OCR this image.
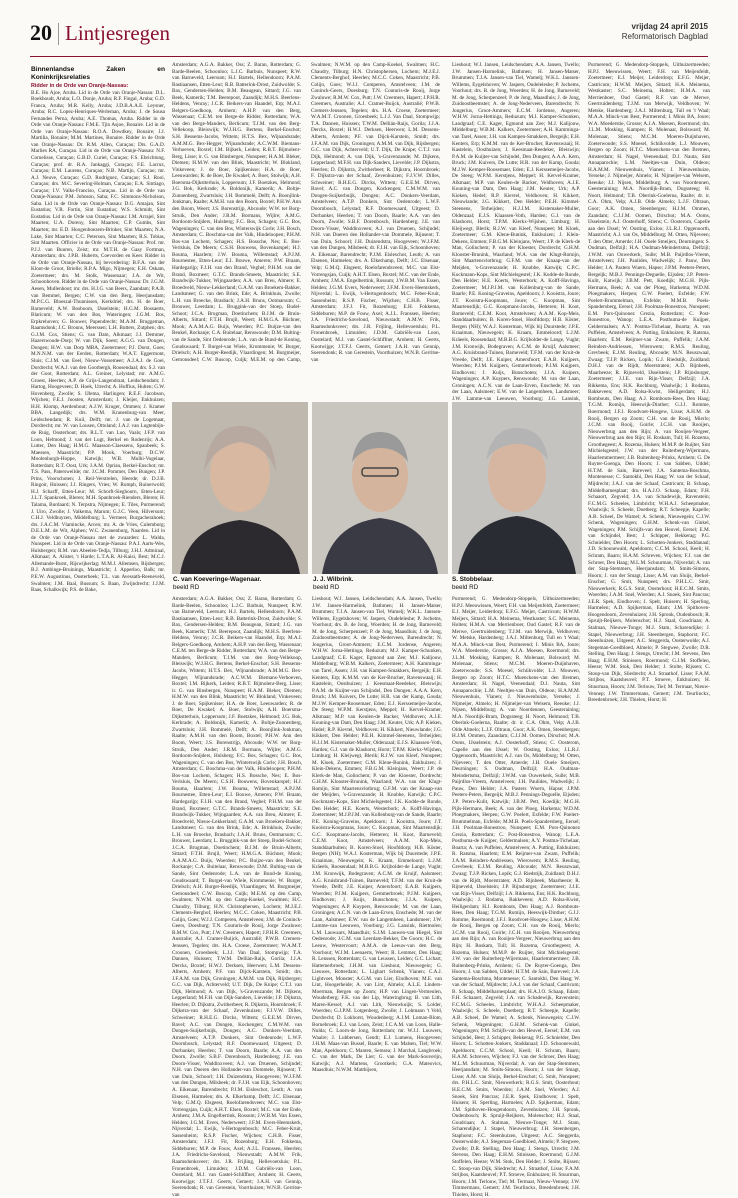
20 Lintjesregen	vrijdag 24 april 2015
Reformatorisch Dagblad
Binnenlandse Zaken en Koninkrijksrelaties
Ridder in de Orde van Oranje-Nassau:

B.E. Ho Ajoe, Aruba. Lid in de Orde van Oranje-Nassau: D.L. Boekhoudt, Aruba; L.O. Donje, Aruba; R.F. Fingal, Aruba; G.D. Franca, Aruba; M.R. Kelly, Aruba; J.D.B.A.A.E. Leysner, Aruba; R.C. Lopez-Henriques-Werleman, Aruba; J. de Sousa Fernandes Perna, Aruba; A.E. Thomas, Aruba. Ridder in de Orde van Oranje-Nassau: F.M.E. Tjin Asjoe, Bonaire. Lid in de Orde van Oranje-Nassau: R.O.A. Dowdkey, Bonaire; J.J. Martilia, Bonaire; M.M. Martines, Bonaire. Ridder in de Orde van Oranje-Nassau: Dr. R.M. Allen, Curaçao; Drs. G.A.D. Marlies RA, Curaçao. Lid in de Orde van Oranje-Nassau: N.F. Cornelisse, Curaçao; G.B.D. Curiel, Curaçao; F.S. Ebrichtung, Curaçao; prof. dr. R.A. Jankaggi, Curaçao; F.E. Lacruz, Curaçao; E.M. Laurens, Curaçao; N.B. Martijn, Curaçao; mr. A.J. Neuve, Curaçao; G.D. Rodriguez, Curaçao; S.J. Rooi, Curaçao; drs. M.C. Severing-Holman, Curaçao; E.A. Sintiago, Curaçao; I.V. Valks-Franciso, Curaçao. Lid in de Orde van Oranje-Nassau: P.M. Johnson, Saba; F.C. Simmons-Nicholson, Saba. Lid in de Orde van Oranje-Nassau: D.G. Amajan, Sint Eustatius; V.R. Fortin, Sint Eustatius; W.S. Schmidt, Sint Eustatius. Lid in de Orde van Oranje-Nassau: I.M. Arrajel, Sint Maarten; U.A. Doreny, Sint Maarten; C.P. Gumbs, Sint Maarten; mr. E.D. Hoogenboezem-Brinker, Sint Maarten; N.A. Lake, Sint Maarten; C.C. Peterson, Sint Maarten; R.S. Tobias, Sint Maarten. Officier in de Orde van Oranje-Nassau: Prof. mr. P.J.J. van Buuren, Zeist; mr. M.T.H. de Gaay Fortman, Amsterdam; drs. J.P.B. Huberts, Coevorden en Keer. Ridder in de Orde van Oranje-Nassau, bij bevordering: B.F.A. van der Kloot-de Groot, Brielle; R.P.A. Migo, Nijmegen; E.H. Oskam, Zoetermeer; drs. M. Stolk, Wassenaar; J.A. de Wit, Schoonhoven. Ridder in de Orde van Oranje-Nassau: Dr. J.G.M. Aesen, Mullenhout; mr. drs. H.J.G. van Beers, Zaandam; P.A.B. van Bemmel, Bergen; C.W. van den Berg, Heerjansdam; M.P.C.G. Bloeszal-Thunnissen, Kerkdriel; drs. H. de Boer, Barneveld; A.W. Bosboom, IJsselstein; H.G.M. Bossaerts, Blaricum; W. van den Bos, Wateringen; J.G.M. Bos, Erpkrehoven; G. Bouwer, Papendrecht; M.A.M. Bruggeman, Raamsdonk; J.C. Brouns, Meerssen; L.H. Butters, Zutphen; drs. G.J.M. Cox, Stiens; G. van Dam, Alkmaar; J.J. Demmer, Hazerswoude-Dorp; W. van Dijk, Soest; A.G.G. van Dongen, Dongen; H.W. van Dorp MBA, Zoetermeer; P.J. Dorst, Goes; M.N.N.M. van der Eerden, Rotterdam; W.A.T. Eggermont, Sluis; C.J.M. van Eeel, Nieuw-Vossemeer; A.J.A.J. de Goei, Dordrecht; W.A.J. van den Goorbergh, Roosendaal; drs. S.J. van der Goot, Rotterdam; A.L. Greiner, Lelystad; mr. A.M.G. Groest, Heerlen; A.P. de Grijs-Langendraat, Leidschendam; J. Hartog, Hoogeveen; D. Hoek, Utrecht; A. Hoffius, Hulten; G.W. Hovenberg, Zwolle; S. IJlema, Harlingen; R.E.F. Jacobson, Wijchen; F.E.J. Joosten, Amsterdam; J. Kleijer, Enkhuizen; H.H. Klomp, Aerdenhout; A.J.W. Kruger, Ommen; J. Kramer BBA, Langedijk; drs. W.M. Kranenburg-van Meer, Leidschendam; R. Kuil, Delft; mr. J. van de Logemaat, Dordrecht; mr. W. van Lousen, Ottoland; J.A.J. van Lugtenbijn-de Ruig, Oosterhout; drs. R.L.T. van Luo, Vaals; J.F.P. van Loon, Helmond; J. van der Lugt, Berkel en Rodenrijs; A.A. Lutter, Den Haag; H.M.G. Maasson-Claessens, Spaubeek; S. Maessen, Maastricht; P.P. Mook, Voerburg; D.C.W. Moolenburgh-Hoppe, Katwijk; W.B. Mulhi-Vogelaar, Rotterdam; R.T. Oost, Urk; J.A.M. Opriau, Berkel-Enschot; mr. T.S. Pass, Patersweilde; mr. J.C.M. Pommer, Den Bungen; J.P. Prins, Voorschoten; J. Reil-Verstrelen, Heerde; dr. D.J.B. Ringoir, Huissen; J.J. Ringers, Vries; W. Rumph, Ruinerwold; H.J. Scharff, Etten-Leur; M. Schorft-Sieghoorn, Etten-Leur; J.L.T. Spankroek, Bleren; M.H. Spanbroek-Rienders, Bleren; H. Talama, Burdaard; N. Terpstra, Nijmegen; E. Tiles, Purmerend; J. Uiro, Zwolle; J. Valkema, Marum; G.J.C. Veen, Hilversum; C.H.J. Veldhuyzen, Middelburg; L. Vermeer, Burgacherahoek; drs. J.A.C.M. Vlamincke, Arcen; mr. A. de Vries, Culemborg; D.E.L.M. de Wit, Alphen; W.C. Zwanenburg, Naarden. Lid in de Orde van Oranje-Nassau met de zwaarden: L. Walda, Nunspeet. Lid in de Orde van Oranje-Nassau: P.A.I. Aarts-Wes, Hulsbergen; R.M. van Abeelen-Tedja, Tilburg; J.H.J. Admiraal, Alkmaar; A. Aiister, 't Harde; L.T.A.R. Al-Kaisi, Best; M.C.J. Allemande-Burst, Rijswijkerlag; M.M.J. Allemsen, Rijsbergen; B.J. Ambinge-Bruinings, Maastricht; J. Apperloo, Balk; mr. P.E.W. Augustinus, Oosterbeek; T.L. van Avessath-Reeneveld, Swalmen; J.M. Baal, Bussum; S. Baan, Zwijndrecht; J.J.M. Baas, Schalkwijk; P.S. de Bake,

Amsterdam; A.G.A. Bakker, Oss; Z. Baran, Rotterdam; G. Barde-Beelen, Schoonloo; L.J.C. Barbuis, Nunspeet; R.W. van Barneveld, Leersum; H.J. Bartels, Hellendoorn; P.A.M. Bastiaansen, Etten-Leur; R.B. Batterink-Drost, Zuidwolde; S. Bax, Gendersen-Helden; B.M. Beaugean, Sittard; J.G. van Beek, Kamerik; T.M. Beerepoot, Zaandijk; M.H.S. Beerlens-Heldens, Venray; J.C.R. Beikers-van Haandel, Erp; M.A.I. Belgers-Goedkoop, Arnhem; A.H.P. van den Berg, Wassenaar; C.E.M. ten Berge-de Ridder, Rotterdam; W.A. van den Berge-Manders, Berlicum; T.J.M. van den Berg-Vellekoop, Bleiswijk; W.J.H.G. Bertens, Berkel-Enschot; S.H. Bessems-Jacobs, Wittem; H.T.S. Bex, Wijnandsrade; A.M.M.G. Bex-Hegger, Wijnandsrade; A.C.W.M. Biemans-Verhoeven, Boxtel; I.M. Bijkerk, Leiden; R.B.T. Bijmolenr-Berg, Lisse; ir. G. van Binsbergen, Nunspeet; H.A.M. Bleker, Diemen; H.M.W. van den Blink, Maastricht; W. Blokland, Vinkeveen; J. de Boer, Spijkenisse; H.A. de Boer, Leeuwarden; R. de Boer, De Kwakel; A. Boer, Stolwijk; A.H. Boersma-Dijkstterhuis, Loppersum; J.F. Boetzkes, Helmond; J.G. Bok, Kerkrade; A. Boldonijk, Kamerik; A. Boltje-Zunnenberg, Zwartsluis; J.H. Bommelé, Delft; A. Boonjlink-Jonkman, Raalte; A.M.H. van den Boom, Boxtel; P.H.W. Ann den Boom, Weert; J.S. Borenstrijp, Abcoude; W.W. ter Borg-Struik, Den Ander; J.R.M. Bormans, Wijlre; A.M.G. Bordoom-Snijders, Hulsberg; F.C. Bos, Schagen; G.C. Bos, Wageningen; C. van den Bos, Winterswijk Corle; J.H. Bosch, Amsterdam; C. Boschma-van der Valk, Hindeloopen; P.H.M. Bos-van Lochem, Schagen; H.S. Bossche, Nes; E. Bos-Verlsluis, De Meern; C.S.H. Bouwens, Bovenkarspel; H.J. Bouma, Haarlem; J.W. Bouma, Willemstad; A.P.J.M. Bournestee, Etten-Leur; E.I. Bouwe, Ameren; P.W. Braam, Hardegarijp; F.J.H. van den Brand, Veghel; P.H.M. van der Brand, Boxmeer; G.T.C. Brands-Smeets, Maastricht; S.E. Brandwijk-Tukker, Wijngaarden; A.A. van Breu, Almere; E. Broedveld, Nieuw-Lekkerland; G.A.M. van Broekem-Bakker, Landsmeer; G. van den Brink, Ede; A. Brinkhuis, Zwolle; L.H. van Broecke, Brasbach; J.A.H. Bruns, Ootmarsum; C. Brouwer, Leerdam; L. Bruggink-van der Stoep, Budel-Schoot; J.C.A. Brugman, Doetinchem; B.J.M. de Bruin-Alberts, Sittard; F.T.H. Brujil, Weert; H.M.G.A. Büchner, Mook; A.A.M.A.G. Buijs, Woerden; P.C. Buijze-van den Beukel, Rockanje; C.A. Buitelaar, Renswoude; D.M. Bulting-van de Sande, Sint Oedenrode; L.A. van de Bund-de Koning, Goudswaard; T. Burgel-van Wiele, Krommenie; W. Burger, Drielsch; A.H. Burger-Reedijk, Vlaardingen; M. Burgmeijer, Gemonsdeel; C.W. Buscop, Culjk; M.E.M. op den Camp, Swalmen; N.W.M. op den Camp-Koekel, Swalmen; H.C. Chaudry, Tilburg; H.N. Christophersen, Lochem; M.J.E.J. Clements-Berghof, Heerlen; M.C.C. Coken, Maastricht; P.B. Colijn, Goes; W.J.J. Comperen, Amstelveen; J.M. de Coninck-Geers, Doesburg; T.N. Couturis-de Rooij, Jorge Zwaluwe; R.M.W. Cox, Putt; J.W. Creemers, Hapert; J.P.H.R. Creemers, Australie; A.J. Cramer-Buijck, Australië; P.W.B. Cremers-Jenssen, Tegelen; drs. H.A. Croese, Zoetermeer; W.A.M.T. Croonen, Groesbeek; L.J.J. Van Daal, Stompwijp; T.A. Dannen, Huissen; T.W.M. Dellián-Raijs, Gorila; J.J.A. Dercks, Boxtel; H.W.J. Derksen, Heerwen; L.M. Dessens-Alberts, Arnhem; P.F. van Dijck-Karstein, Smidt; drs. J.F.A.M. van Dijk, Groningen; A.M.M. van Dijk, Rijsbergen; G.C. van Dijk, Achterveld; U.T. Dijk, De Knipe; C.T.J. van Dijk, Helmond; A. van Dijk, 's-Gravenzande; M. Dijkens, Lepperland; M.F.H. van Dijk-Sanders, Lievelde; J.P. Dijkstra, Heerlen; D. Dijkstra, Zwitherbeet; R. Dijkstra, Hoornbroek; F. Dijkstra-van der Schaaf, Zevenhuizen; F.J.V.W. Dilles, Schweiner; R.H.E.G. Dircks, Wittem; G.E.E.M. Dirven, Bavel; A.C. van Dongen, Kockengen; C.M.W.M. van Dongen-Suijkerbuijk, Dongen; A.C. Donkers-Veerdam, Amstelveen; A.T.P. Donkers, Sint Oedenrode; L.W.F. Doornbosch, Lelystad; R.F. Doomewaard, Uitgeest; D. Dorbanker, Heerlen; T. van Doorn, Baarle; A.A. van den Doorn, Zwolle; S.B.F. Dorenbosch, Hardenberg; J.E. van Doorn-Visser, Waddinxveen; A.J. van Druenen, Schijndel; N.H. van Dueren den Hollander-van Dommele, Rijnsent; T. van Duin, Schoorl; J.H. Duizendstra, Hoogeveen; W.J.F.M. van den Dungen, Milsbeek; dr. F.J.H. van Eijk, Schoonhoven; A. Eikenaar, Barendrecht; P.J.M. Eisleschot, Leuth; A. van Elsenen, Harmelen; drs. A. Elkerhamp, Delft; J.C. Elsenaar, Velp; G.M.Q. Elsgeest, Roelofarendsveen; M.C. van Elst-Vorrengsjan, Cuijk; A.H.T. Elsen, Boxtel; M.C. van der Ende, Arnhem; J.M.A. Engelbertink, Rossum; J.W.B.M. Van Essen, Helden; J.G.M. Evers, Nederweert; J.F.M. Evers-Heemskerk, Nijverdal; L. Ewijk, 's-Hertogenbosch; M.C. Feber-Kruit, Sassenheim; R.S.P. Fischer, Wijchen; C.H.B. Fisser, Amsterdam; J.F.J. Fit, Rozenburg; E.H. Fokkema, Siddeburen; M.P. de Fouw, Axel; A.J.L. Franssen, Heerlen; J.A. Friedrichs-Saveloud, Nieuwstadt; A.M.W. Frik, Raamsdonksveer; drs. J.R. Frijling, Hellevoetsluis; P.L. Fronenbroek, Limuiden; J.D.M. Gabriëls-van Loon, Oostelard; M.J. van Gastel-Schliffner, Arnhem; H. Geerts, Kootwijge; J.T.F.J. Geerts, Gemert; J.A.H. van Gennip, Soerendonk; R. van Gerestein, Voorthuizen; W.N.B. Gerritse-van

Lieshout; W.J. Jansen, Leidschendam; A.A. Jansen, Twello; J.W. Jansen-Harmelink, Bathmen; H. Jansen-Matser, Brummen; T.J.A. Jansen-van Tiel, Wamelj; W.K.L. Janssen-Willems, Eygelshoven; W. Jaspers, Oudeleleshe; P. Jochems, Voorhout; drs. B. de Jong, Woerden; H. de Jong, Barneveld; M. de Jong, Scherpenzeel; P. de Jong, Maasdluis; J. de Jong, Zuidoostbeemster; A. de Jong-Nederveen, Barendrecht; N. Jongerius, Groot-Ammers; E.C.M. Jordense, Angeren; W.H.W. Jorna-Hettinga, Reduzum; M.J. Kamper-Schunken, Landgraaf; C.E. Kager, Egmond aan Zee; M.J. Kalijouw, Middelburg; W.B.M. Kalkers, Zoetermeer; A.H. Kamminga-van Tarel, Assen; J.H. van Kampen-Smakkers, Bergeijk; E.H. Kenters, Erp; K.M.M. van de Ker-Brucher, Ravenswaaij; H. Kastelein, Oosthuizen; J. Keesmaat-Reedeker, Bleiswijn; P.A.M. de Kuijter-van Schijndel, Den Dungen; A.A.A. Kern, Bruck; J.M. Kuivers, De Lutte; H.R. van der Kamp, Gouda; M.J.W. Kemper-Roosemaer, Eden; E.J. Kerssemeijer-Jacobs, De Steeg; W.P.M. Kerstjens, Meppel; H. Kervel-Kramer, Alkmaar; M.P. van Keulen-de Backer, Veldhoven; A.J.E. Kouning-van Dam, Den Haag; J.M. Keuter, Urk; A.P. Kieken, Hedel; R.P. Kievtel, Veldhoven; H. Kikkert, Nieuwlande; J.G. Kikkert, Den Helder; P.E.H. Kimmel-Steenens, Terheijden; H.J.J.M. Kistemaker-Muller, Oldenzaal; E.J.S. Klaassen-Voth, Harden; G.J. van de Klashorst, Horst; T.P.M. Klerkx-Wijshen, Limburg; H. Kleijwegt, Blerik; R.J.W. van Kleef, Nunspeet; M. Kloek, Zoetermeer; G.M. Klene-Bunink, Enkhuizen; J. Klein-Dekens, Emmen; F.B.G.M. Kleinjans, Weert; J.P. de Klerk-de Man, Golinchem; P. van der Kloester, Dordrecht; G.H.M. Klooster-Brunink, Waarland; W.A. van der Klugt-Romijn, Sint Maartensvlotbrug; G.F.M. van der Knaap-van der Meijden, 's-Gravenzande; H. Knobbe, Katwijk; C.P.C. Kockmann-Kops, Sint Michielsgestel; J.K. Kodde-de Ronde, Den Helder; H.E. Koerts, Westerbork; A. Kolff-Havinga, Zoetermeer; M.J.P.J.M. van Kollenburg-van de Sande, Baarle; P.E. Koning-Graveins, Apeldoorn; J. Kooistra, Joure; J.T. Kooistra-Koopmans, Joure; C. Koopman, Sint Maartensdijk; G.C. Koopmans-Jacobs, Hetteren; H. Koot, Barneveld; C.E.M. Koot, Amstelveen; A.A.M. Kop-Meis, Standdaarbuiten; B. Koren-Stoel, Hoofddorp; H.B. Köster, Bergen (NH); W.A.J. Kosterman, Wijk bij Duurstede; J.P.E. Kraaiman, Nieuwegein; K. Kraam, Emmeloord; L.J.M. Kräeels, Roosendaal; M.B.B.G. Krijbolder-de Lange, Vught; J.M. Kronwijk, Bodegraven; A.C.M. de Kruijf, Aalsmeer; A.G. Kruisbrand-Tuinen, Barneveld; T.F.M. van der Kruit-de Vreede, Delft; J.E. Kuiper, Amersfoort; E.A.B. Kuijpers, Woerden; P.J.M. Kuijpers, Gemmerbroek; P.J.M. Kuijpers, Eindhoven; J. Kuijs, Bunschoten; J.J.A. Kuipers, Wageningen; A.P. Kuypers, Renswoude; M. van der Laan, Groningen; A.C.N. van de Laan-Erven, Enschede; M. van der Laan, Aalsmeer; E.W. van de Langemheen, Landsmeer; J.W. Lamme-van Leeuwen, Voorburg; J.G. Lansink,

Purmerend; G. Medendorp-Stoppels, Uithuizermeeden; H.P.J. Meeuwissen, Weert; F.H. van Meijenfeldt, Zoetermeer; E.J. Meijer, Leiderdorp; E.F.G. Meijer, Castricum; H.W.M. Meijers, Sittard; H.A. Meinema, Westkaster; S.C. Meinema, Holten; H.M.A. van Merrienboer, Oud Gastel; R.F. van de Merwe, Geertruidenberg; T.J.M. van Merwijk, Veldhoven; W. Metske, Hardenberg; J.A.J. Miltenburg, Tull en 't Waal; M.A.A. Minck-van Best, Purmerend; I. Minis BA, Joure; W.A. Moederstie, Grosse; A.J.A. Moesen, Roermond; drs. J.L.M. Mosking, Kampen; R. Molenaar, Bolsward; M. Molenaar, Stiens; M.C.M. Moeren-Duijnhaven, Zoeterwoude; S.S. Moesel, Schiikvolde; L.J. Mouwen, Bergen op Zoom; H.T.C. Muenckens-van den Bremen, Amsterdam; H. Nagel, Veenendaal; D.J. Nauta, Sint Annaparochie; L.M. Neeltjes-van Duin, Oldeon; H.A.M.M. Nieuwenhuis, Vianen; J. Nieuwenhuize, Yerseke; J. Nijmeijer, Almelo; H. Nijmeijer-van Welsem, Reeuke; J.J. Nijsen, Middelburg; A. van Noordennen, Geesteraining; M.A. Noordijk-Bram, Dogssteeg; H. Noort, Helmond; T.B. Oberink-Goelerna, Raalte; dr. ir. C.A. Ohm, Velp; A.J.B. Olde Almelo; L.J.F. Oltraun, Goor; A.K. Omen, Steenbergen; H.J.M. Ommen, Zaandam; C.J.J.M. Oomen, Dirschot; M.A. Ooms, IJsselstein; A.J. Oosterhoff, Stiens; C. Oosterom, Capelle aan den IJssel; W. Oosting, Exloo; J.L.R.J. Opgenoorth, Maastricht; A.J. van Os, Middelburg; M. Otten, Nijeveen; T. den Otter, Amerde; J.H. Ouele Smeijers, Deurningen; S. Oudman, Delfzijl; H.A. Oudman-Meindertsma, Delfzijl; J.W.M. van Ouwerkerk, Sulle; M.B. Paijrdlos-Vreem, Amstelveen; J.H. Paulides, Wadwelijk; J. Pauw, Den Helder; J.A. Pasters Wuern, Hapse; J.P.M. Peeters-Peters, Bergeijk; M.B.J. Pennings-Deguelle, Eijsden; J.P. Peters-Kulit, Katwijk; J.B.M. Pett, Koedijk; M.G.H. Pijls-Hermans, Beek; A. van der Ploeg, Harkema; W.D.M. Ploegmakers, Herpen; G.W. Poelert, Exfelde; F.W. Poelert-Brummelman, Exfelde; M.M.B. Poels-Spandersberg, Eersel; J.H. Poolman-Bonestroo, Nunspeet; E.M. Pors-Quinonez Grezia, Rotterdam; C. Post-Bonestroo, Wanop; L.E.A. Posthuma-de Kuijper, Geldermalsen; A.Y. Postma-Tichelaar, Boarta; A. van Puffelen, Amstelveen; A. Putting, Enkhuizen; R. Ratsma, Haarlem; E.M. Reijmer-van Zwam, Puffelik; J.A.M. Reinders-Andriessen, Wierowem; R.M.S. Reuling, Grevbeek; E.J.M. Reuling, Abcoude; M.N. Reuszwaal, Zwaag; T.J.P. Ricken, Lopik; G.J. Riedstijk, Zuidland; D.H.J. van de Rijdt, Moerstraten; A.D. Rijnbeek, Maarheeze; R. Rijneveld, IJsselstein; J.P. Rijnsburger, Zoetermeer; J.J.E. van Rijn-Visser, Delfzijl; J.A. Rikkema, Ens; H.K. Rochburg, Waalwijk; J. Rodama, Bakkeveen; A.D. Rolsa-Kwist, Heiligerdam; H.J. Rombouts, Den Haag; A.J. Rombouts-Rees, Den Haag; T.G.M. Romijn, Heeswijk-Dinther; G.J.J. Romme, Roermond; J.F.J. Roodvoet-Hoogew, Lisse; A.H.M. de Rooij, Bergen op Zoom; C.H. van de Rooij, Mierlo; J.C.M. van Rooij, Goirle; J.C.H. van Rooijen, Nieuwerbrug aan den Rijn; A. van Rooijen-Vergeer, Nieuwerbrug aan den Rijn; H. Roskam, Tull; H. Rozema, Groothegeest; A. Rozema, Hulsen; M.M.P. de Ruijter, Sint Michielsgestel; J.W. van der Ruiterberg-Wijermans, Haarlemmermeer; J.B. Ruitenberg-Prinks, Arnhem; G. De Ruyter-Goenga, Den Hoorn; J. van Sabben, Uddel; H.T.M. de Sain, Bareveel; J.A. Santema-Boschma, Montenesse; C. Santokhi, Den Haag; W. van der Schaaf, Mijdrecht; J.A.J. van der Schaaf, Castricum; B. Schaap, Middelharnesplaat; drs. H.A.J.O. Schaap, Edam; F.H. Schaaort, Zegveld; J.A. van Schadewijk, Ravenstein; F.C.M.G. Scheeles, Limbricht; W.H.A.J. Scheepmaker, Waalwijk; S. Scheele, Doetberg; R.T. Scheepje, Kapelle; A.B. Scheel, De Wamel; A. Schenk, Nieuwegein; C.J.W. Schenk, Wageningen; G.H.M. Schenk-van Ginkel, Wageningen; P.M. Schijfs-van den Heuvel, Eersel; E.M. van Schijndel, Best; J. Schipper, Bekkerag; P.G. Schnielder, Den Hoorn; L. Schotten-Jonkers, Staddanaal; J.D. Schoonewald, Apeldoorn; C.C.M. School, Keeli; H. Schram, Baarn; H.A.M. Schreven, Wijchen; F.J. van der Schroer, Den Haag; M.L.M. Schuurman, Nijverdal; A. van der Stap-Stemmers, Heerjansdam; M. Smits-Simons, Hoorn; J. van der Smagt, Lisse; A.M. van Sluijs, Berkel-Enschot; G. Smit, Nunspeet; drs. P.H.L.C. Smit, Nieuwerkerk; R.G.S. Smit, Oosterhout; H.E.C.M. Smits, Woerden; J.A.M. Snel, Wierden; A.J. Snoek, Sint Pancras; J.E.R. Spek, Eindhoven; J. Spelt, Huisem; H. Sperling, Harmelen; A.D. Spijkerman, Edam; J.M. Spithoven-Hoogendoorn, Zevenhuizen; J.H. Spronk, Oudenbosch; R. Spruijt-Reijkers, Molenschot; H.J. Staal, Goudriaan; A. Stalman, Nieuwe-Tonge; M.J. Stam, Scharendijke; J. Stapel, Nieuwerbrug; J.H. Steenbergen, Staphorst; F.C. Steenhuizen, Uitgeest; A.C. Steggerda, Oosterwolde; A.J. Stegeman-Goedbloed, Almelo; P. Stegwee, Zwolle; D.R. Stelling, Den Haag; J. Stengs, Utrecht; J.M. Stevens, Den Haag; E.H.M. Stinissen, Roermond; G.J.M. Stoffelen, Heeze; W.M. Stok, Den Helder; J. Stolte, Rijssen; C. Stoop-van Dijk, Sliedrecht; A.J. Straathof, Lisse; F.A.M. Strijbos, Kaatsheuvel; P.T. Stroeve, Enkhuizen; H. Stuurman, Hoorn; J.M. Terlouw, Tiel; M. Termaat, Nieuw-Vennep; J.W. Timmermans, Gemert; J.M. Teurlinckx, Breedenbroek; J.H. Thielen, Horst; H.

C. van Koeveringe-Wagenaar.
beeld RD
J. J. Wilbrink.
beeld RD
S. Stobbelaar.
beeld RD

Amsterdam; A.G.A. Bakker, Oss; Z. Baran, Rotterdam; G. Barde-Beelen, Schoonloo; L.J.C. Barbuis, Nunspeet; R.W. van Barneveld, Leersum; H.J. Bartels, Hellendoorn; P.A.M. Bastiaansen, Etten-Leur; R.B. Batterink-Drost, Zuidwolde; S. Bax, Gendersen-Helden; B.M. Beaugean, Sittard; J.G. van Beek, Kamerik; T.M. Beerepoot, Zaandijk; M.H.S. Beerlens-Heldens, Venray; J.C.R. Beikers-van Haandel, Erp; M.A.I. Belgers-Goedkoop, Arnhem; A.H.P. van den Berg, Wassenaar; C.E.M. ten Berge-de Ridder, Rotterdam; W.A. van den Berge-Manders, Berlicum; T.J.M. van den Berg-Vellekoop, Bleiswijk; W.J.H.G. Bertens, Berkel-Enschot; S.H. Bessems-Jacobs, Wittem; H.T.S. Bex, Wijnandsrade; A.M.M.G. Bex-Hegger, Wijnandsrade; A.C.W.M. Biemans-Verhoeven, Boxtel; I.M. Bijkerk, Leiden; R.B.T. Bijmolenr-Berg, Lisse; ir. G. van Binsbergen, Nunspeet; H.A.M. Bleker, Diemen; H.M.W. van den Blink, Maastricht; W. Blokland, Vinkeveen; J. de Boer, Spijkenisse; H.A. de Boer, Leeuwarden; R. de Boer, De Kwakel; A. Boer, Stolwijk; A.H. Boersma-Dijkstterhuis, Loppersum; J.F. Boetzkes, Helmond; J.G. Bok, Kerkrade; A. Boldonijk, Kamerik; A. Boltje-Zunnenberg, Zwartsluis; J.H. Bommelé, Delft; A. Boonjlink-Jonkman, Raalte; A.M.H. van den Boom, Boxtel; P.H.W. Ann den Boom, Weert; J.S. Borenstrijp, Abcoude; W.W. ter Borg-Struik, Den Ander; J.R.M. Bormans, Wijlre; A.M.G. Bordoom-Snijders, Hulsberg; F.C. Bos, Schagen; G.C. Bos, Wageningen; C. van den Bos, Winterswijk Corle; J.H. Bosch, Amsterdam; C. Boschma-van der Valk, Hindeloopen; P.H.M. Bos-van Lochem, Schagen; H.S. Bossche, Nes; E. Bos-Verlsluis, De Meern; C.S.H. Bouwens, Bovenkarspel; H.J. Bouma, Haarlem; J.W. Bouma, Willemstad; A.P.J.M. Bournestee, Etten-Leur; E.I. Bouwe, Ameren; P.W. Braam, Hardegarijp; F.J.H. van den Brand, Veghel; P.H.M. van der Brand, Boxmeer; G.T.C. Brands-Smeets, Maastricht; S.E. Brandwijk-Tukker, Wijngaarden; A.A. van Breu, Almere; E. Broedveld, Nieuw-Lekkerland; G.A.M. van Broekem-Bakker, Landsmeer; G. van den Brink, Ede; A. Brinkhuis, Zwolle; L.H. van Broecke, Brasbach; J.A.H. Bruns, Ootmarsum; C. Brouwer, Leerdam; L. Bruggink-van der Stoep, Budel-Schoot; J.C.A. Brugman, Doetinchem; B.J.M. de Bruin-Alberts, Sittard; F.T.H. Brujil, Weert; H.M.G.A. Büchner, Mook; A.A.M.A.G. Buijs, Woerden; P.C. Buijze-van den Beukel, Rockanje; C.A. Buitelaar, Renswoude; D.M. Bulting-van de Sande, Sint Oedenrode; L.A. van de Bund-de Koning, Goudswaard; T. Burgel-van Wiele, Krommenie; W. Burger, Drielsch; A.H. Burger-Reedijk, Vlaardingen; M. Burgmeijer, Gemonsdeel; C.W. Buscop, Culjk; M.E.M. op den Camp, Swalmen; N.W.M. op den Camp-Koekel, Swalmen; H.C. Chaudry, Tilburg; H.N. Christophersen, Lochem; M.J.E.J. Clements-Berghof, Heerlen; M.C.C. Coken, Maastricht; P.B. Colijn, Goes; W.J.J. Comperen, Amstelveen; J.M. de Coninck-Geers, Doesburg; T.N. Couturis-de Rooij, Jorge Zwaluwe; R.M.W. Cox, Putt; J.W. Creemers, Hapert; J.P.H.R. Creemers, Australie; A.J. Cramer-Buijck, Australië; P.W.B. Cremers-Jenssen, Tegelen; drs. H.A. Croese, Zoetermeer; W.A.M.T. Croonen, Groesbeek; L.J.J. Van Daal, Stompwijp; T.A. Dannen, Huissen; T.W.M. Dellián-Raijs, Gorila; J.J.A. Dercks, Boxtel; H.W.J. Derksen, Heerwen; L.M. Dessens-Alberts, Arnhem; P.F. van Dijck-Karstein, Smidt; drs. J.F.A.M. van Dijk, Groningen; A.M.M. van Dijk, Rijsbergen; G.C. van Dijk, Achterveld; U.T. Dijk, De Knipe; C.T.J. van Dijk, Helmond; A. van Dijk, 's-Gravenzande; M. Dijkens, Lepperland; M.F.H. van Dijk-Sanders, Lievelde; J.P. Dijkstra, Heerlen; D. Dijkstra, Zwitherbeet; R. Dijkstra, Hoornbroek; F. Dijkstra-van der Schaaf, Zevenhuizen; F.J.V.W. Dilles, Schweiner; R.H.E.G. Dircks, Wittem; G.E.E.M. Dirven, Bavel; A.C. van Dongen, Kockengen; C.M.W.M. van Dongen-Suijkerbuijk, Dongen; A.C. Donkers-Veerdam, Amstelveen; A.T.P. Donkers, Sint Oedenrode; L.W.F. Doornbosch, Lelystad; R.F. Doomewaard, Uitgeest; D. Dorbanker, Heerlen; T. van Doorn, Baarle; A.A. van den Doorn, Zwolle; S.B.F. Dorenbosch, Hardenberg; J.E. van Doorn-Visser, Waddinxveen; A.J. van Druenen, Schijndel; N.H. van Dueren den Hollander-van Dommele, Rijnsent; T. van Duin, Schoorl; J.H. Duizendstra, Hoogeveen; W.J.F.M. van den Dungen, Milsbeek; dr. F.J.H. van Eijk, Schoonhoven; A. Eikenaar, Barendrecht; P.J.M. Eisleschot, Leuth; A. van Elsenen, Harmelen; drs. A. Elkerhamp, Delft; J.C. Elsenaar, Velp; G.M.Q. Elsgeest, Roelofarendsveen; M.C. van Elst-Vorrengsjan, Cuijk; A.H.T. Elsen, Boxtel; M.C. van der Ende, Arnhem; J.M.A. Engelbertink, Rossum; J.W.B.M. Van Essen, Helden; J.G.M. Evers, Nederweert; J.F.M. Evers-Heemskerk, Nijverdal; L. Ewijk, 's-Hertogenbosch; M.C. Feber-Kruit, Sassenheim; R.S.P. Fischer, Wijchen; C.H.B. Fisser, Amsterdam; J.F.J. Fit, Rozenburg; E.H. Fokkema, Siddeburen; M.P. de Fouw, Axel; A.J.L. Franssen, Heerlen; J.A. Friedrichs-Saveloud, Nieuwstadt; A.M.W. Frik, Raamsdonksveer; drs. J.R. Frijling, Hellevoetsluis; P.L. Fronenbroek, Limuiden; J.D.M. Gabriëls-van Loon, Oostelard; M.J. van Gastel-Schliffner, Arnhem; H. Geerts, Kootwijge; J.T.F.J. Geerts, Gemert; J.A.H. van Gennip, Soerendonk; R. van Gerestein, Voorthuizen; W.N.B. Gerritse-van

Lieshout; W.J. Jansen, Leidschendam; A.A. Jansen, Twello; J.W. Jansen-Harmelink, Bathmen; H. Jansen-Matser, Brummen; T.J.A. Jansen-van Tiel, Wamelj; W.K.L. Janssen-Willems, Eygelshoven; W. Jaspers, Oudeleleshe; P. Jochems, Voorhout; drs. B. de Jong, Woerden; H. de Jong, Barneveld; M. de Jong, Scherpenzeel; P. de Jong, Maasdluis; J. de Jong, Zuidoostbeemster; A. de Jong-Nederveen, Barendrecht; N. Jongerius, Groot-Ammers; E.C.M. Jordense, Angeren; W.H.W. Jorna-Hettinga, Reduzum; M.J. Kamper-Schunken, Landgraaf; C.E. Kager, Egmond aan Zee; M.J. Kalijouw, Middelburg; W.B.M. Kalkers, Zoetermeer; A.H. Kamminga-van Tarel, Assen; J.H. van Kampen-Smakkers, Bergeijk; E.H. Kenters, Erp; K.M.M. van de Ker-Brucher, Ravenswaaij; H. Kastelein, Oosthuizen; J. Keesmaat-Reedeker, Bleiswijn; P.A.M. de Kuijter-van Schijndel, Den Dungen; A.A.A. Kern, Bruck; J.M. Kuivers, De Lutte; H.R. van der Kamp, Gouda; M.J.W. Kemper-Roosemaer, Eden; E.J. Kerssemeijer-Jacobs, De Steeg; W.P.M. Kerstjens, Meppel; H. Kervel-Kramer, Alkmaar; M.P. van Keulen-de Backer, Veldhoven; A.J.E. Kouning-van Dam, Den Haag; J.M. Keuter, Urk; A.P. Kieken, Hedel; R.P. Kievtel, Veldhoven; H. Kikkert, Nieuwlande; J.G. Kikkert, Den Helder; P.E.H. Kimmel-Steenens, Terheijden; H.J.J.M. Kistemaker-Muller, Oldenzaal; E.J.S. Klaassen-Voth, Harden; G.J. van de Klashorst, Horst; T.P.M. Klerkx-Wijshen, Limburg; H. Kleijwegt, Blerik; R.J.W. van Kleef, Nunspeet; M. Kloek, Zoetermeer; G.M. Klene-Bunink, Enkhuizen; J. Klein-Dekens, Emmen; F.B.G.M. Kleinjans, Weert; J.P. de Klerk-de Man, Golinchem; P. van der Kloester, Dordrecht; G.H.M. Klooster-Brunink, Waarland; W.A. van der Klugt-Romijn, Sint Maartensvlotbrug; G.F.M. van der Knaap-van der Meijden, 's-Gravenzande; H. Knobbe, Katwijk; C.P.C. Kockmann-Kops, Sint Michielsgestel; J.K. Kodde-de Ronde, Den Helder; H.E. Koerts, Westerbork; A. Kolff-Havinga, Zoetermeer; M.J.P.J.M. van Kollenburg-van de Sande, Baarle; P.E. Koning-Graveins, Apeldoorn; J. Kooistra, Joure; J.T. Kooistra-Koopmans, Joure; C. Koopman, Sint Maartensdijk; G.C. Koopmans-Jacobs, Hetteren; H. Koot, Barneveld; C.E.M. Koot, Amstelveen; A.A.M. Kop-Meis, Standdaarbuiten; B. Koren-Stoel, Hoofddorp; H.B. Köster, Bergen (NH); W.A.J. Kosterman, Wijk bij Duurstede; J.P.E. Kraaiman, Nieuwegein; K. Kraam, Emmeloord; L.J.M. Kräeels, Roosendaal; M.B.B.G. Krijbolder-de Lange, Vught; J.M. Kronwijk, Bodegraven; A.C.M. de Kruijf, Aalsmeer; A.G. Kruisbrand-Tuinen, Barneveld; T.F.M. van der Kruit-de Vreede, Delft; J.E. Kuiper, Amersfoort; E.A.B. Kuijpers, Woerden; P.J.M. Kuijpers, Gemmerbroek; P.J.M. Kuijpers, Eindhoven; J. Kuijs, Bunschoten; J.J.A. Kuipers, Wageningen; A.P. Kuypers, Renswoude; M. van der Laan, Groningen; A.C.N. van de Laan-Erven, Enschede; M. van der Laan, Aalsmeer; E.W. van de Langemheen, Landsmeer; J.W. Lamme-van Leeuwen, Voorburg; J.G. Lansink, Rietmolen; L.M. Lauwaars, Maasdluis; S.J.M. Lauwen-van Hiegel, Sint Oedenrode; J.C.M. van Leerdam-Bekker, De Goorn; H.C. de Leeuw, Westervoort; A.M.A. de Leeuw-van den Berg, Voorhout; W.J.M. Leenaerts, Weert; R. Lemmer, Den Haag; R. Lenssen, Rotterdam; G. van Leussen, Leiden; G.C. Lichart, Hattemerbroek; J.H.M. van Lieshout, Nieuwegein; G. Lieuwes, Rotterdam; L. Lighart Schenk, Vianen; C.A.J. Lightvoet, Monster; A.G.M. van Lier, Eindhoven; M.E. van Lint, Hoogerheide; A. van Lint, Almelo; A.L.E. Linders-Moerman, Bergen op Zoom; H.P. van Lingen-Vermeulen, Wouderberg; F.K. van der Lip, Wateringbrug; B. van Lith, Maren-Kessel; A.J. van Lith, Nieuwkuijk; S. Lolder, Woerden; G.J.P.M. Lotgenberg, Zwolle; J. Lohmann 't Veld, Dordrecht; D. Lokhorst, Woudenberg; A.J.M. Loman-Blom, Bornebroek; E.J. van Loon, Zeist; J.C.A.M. van Loon, Halle-Nulda; C. Loorn-de Jong, Rotterdam; mr. W.J.J. Louwers, Waalre; J. Lubbersen, Gendt; E.J. Lumens, Hoogeveen; J.H.M. Maas-van Bussel, Baarle; E. van Malsen, Tiel; W.W. Man, Apeldoorn; C. Manten, Semsea; J. Marchal, Langbroek; C. van der Mark, De Lier; G. van der Mark-Souverijn, Katwijk; A.J. Martens, Grootkerk; G.A. Mateovics, Maasdluis; N.W.M. Matthijsen,

Purmerend; G. Medendorp-Stoppels, Uithuizermeeden; H.P.J. Meeuwissen, Weert; F.H. van Meijenfeldt, Zoetermeer; E.J. Meijer, Leiderdorp; E.F.G. Meijer, Castricum; H.W.M. Meijers, Sittard; H.A. Meinema, Westkaster; S.C. Meinema, Holten; H.M.A. van Merrienboer, Oud Gastel; R.F. van de Merwe, Geertruidenberg; T.J.M. van Merwijk, Veldhoven; W. Metske, Hardenberg; J.A.J. Miltenburg, Tull en 't Waal; M.A.A. Minck-van Best, Purmerend; I. Minis BA, Joure; W.A. Moederstie, Grosse; A.J.A. Moesen, Roermond; drs. J.L.M. Mosking, Kampen; R. Molenaar, Bolsward; M. Molenaar, Stiens; M.C.M. Moeren-Duijnhaven, Zoeterwoude; S.S. Moesel, Schiikvolde; L.J. Mouwen, Bergen op Zoom; H.T.C. Muenckens-van den Bremen, Amsterdam; H. Nagel, Veenendaal; D.J. Nauta, Sint Annaparochie; L.M. Neeltjes-van Duin, Oldeon; H.A.M.M. Nieuwenhuis, Vianen; J. Nieuwenhuize, Yerseke; J. Nijmeijer, Almelo; H. Nijmeijer-van Welsem, Reeuke; J.J. Nijsen, Middelburg; A. van Noordennen, Geesteraining; M.A. Noordijk-Bram, Dogssteeg; H. Noort, Helmond; T.B. Oberink-Goelerna, Raalte; dr. ir. C.A. Ohm, Velp; A.J.B. Olde Almelo; L.J.F. Oltraun, Goor; A.K. Omen, Steenbergen; H.J.M. Ommen, Zaandam; C.J.J.M. Oomen, Dirschot; M.A. Ooms, IJsselstein; A.J. Oosterhoff, Stiens; C. Oosterom, Capelle aan den IJssel; W. Oosting, Exloo; J.L.R.J. Opgenoorth, Maastricht; A.J. van Os, Middelburg; M. Otten, Nijeveen; T. den Otter, Amerde; J.H. Ouele Smeijers, Deurningen; S. Oudman, Delfzijl; H.A. Oudman-Meindertsma, Delfzijl; J.W.M. van Ouwerkerk, Sulle; M.B. Paijrdlos-Vreem, Amstelveen; J.H. Paulides, Wadwelijk; J. Pauw, Den Helder; J.A. Pasters Wuern, Hapse; J.P.M. Peeters-Peters, Bergeijk; M.B.J. Pennings-Deguelle, Eijsden; J.P. Peters-Kulit, Katwijk; J.B.M. Pett, Koedijk; M.G.H. Pijls-Hermans, Beek; A. van der Ploeg, Harkema; W.D.M. Ploegmakers, Herpen; G.W. Poelert, Exfelde; F.W. Poelert-Brummelman, Exfelde; M.M.B. Poels-Spandersberg, Eersel; J.H. Poolman-Bonestroo, Nunspeet; E.M. Pors-Quinonez Grezia, Rotterdam; C. Post-Bonestroo, Wanop; L.E.A. Posthuma-de Kuijper, Geldermalsen; A.Y. Postma-Tichelaar, Boarta; A. van Puffelen, Amstelveen; A. Putting, Enkhuizen; R. Ratsma, Haarlem; E.M. Reijmer-van Zwam, Puffelik; J.A.M. Reinders-Andriessen, Wierowem; R.M.S. Reuling, Grevbeek; E.J.M. Reuling, Abcoude; M.N. Reuszwaal, Zwaag; T.J.P. Ricken, Lopik; G.J. Riedstijk, Zuidland; D.H.J. van de Rijdt, Moerstraten; A.D. Rijnbeek, Maarheeze; R. Rijneveld, IJsselstein; J.P. Rijnsburger, Zoetermeer; J.J.E. van Rijn-Visser, Delfzijl; J.A. Rikkema, Ens; H.K. Rochburg, Waalwijk; J. Rodama, Bakkeveen; A.D. Rolsa-Kwist, Heiligerdam; H.J. Rombouts, Den Haag; A.J. Rombouts-Rees, Den Haag; T.G.M. Romijn, Heeswijk-Dinther; G.J.J. Romme, Roermond; J.F.J. Roodvoet-Hoogew, Lisse; A.H.M. de Rooij, Bergen op Zoom; C.H. van de Rooij, Mierlo; J.C.M. van Rooij, Goirle; J.C.H. van Rooijen, Nieuwerbrug aan den Rijn; A. van Rooijen-Vergeer, Nieuwerbrug aan den Rijn; H. Roskam, Tull; H. Rozema, Groothegeest; A. Rozema, Hulsen; M.M.P. de Ruijter, Sint Michielsgestel; J.W. van der Ruiterberg-Wijermans, Haarlemmermeer; J.B. Ruitenberg-Prinks, Arnhem; G. De Ruyter-Goenga, Den Hoorn; J. van Sabben, Uddel; H.T.M. de Sain, Bareveel; J.A. Santema-Boschma, Montenesse; C. Santokhi, Den Haag; W. van der Schaaf, Mijdrecht; J.A.J. van der Schaaf, Castricum; B. Schaap, Middelharnesplaat; drs. H.A.J.O. Schaap, Edam; F.H. Schaaort, Zegveld; J.A. van Schadewijk, Ravenstein; F.C.M.G. Scheeles, Limbricht; W.H.A.J. Scheepmaker, Waalwijk; S. Scheele, Doetberg; R.T. Scheepje, Kapelle; A.B. Scheel, De Wamel; A. Schenk, Nieuwegein; C.J.W. Schenk, Wageningen; G.H.M. Schenk-van Ginkel, Wageningen; P.M. Schijfs-van den Heuvel, Eersel; E.M. van Schijndel, Best; J. Schipper, Bekkerag; P.G. Schnielder, Den Hoorn; L. Schotten-Jonkers, Staddanaal; J.D. Schoonewald, Apeldoorn; C.C.M. School, Keeli; H. Schram, Baarn; H.A.M. Schreven, Wijchen; F.J. van der Schroer, Den Haag; M.L.M. Schuurman, Nijverdal; A. van der Stap-Stemmers, Heerjansdam; M. Smits-Simons, Hoorn; J. van der Smagt, Lisse; A.M. van Sluijs, Berkel-Enschot; G. Smit, Nunspeet; drs. P.H.L.C. Smit, Nieuwerkerk; R.G.S. Smit, Oosterhout; H.E.C.M. Smits, Woerden; J.A.M. Snel, Wierden; A.J. Snoek, Sint Pancras; J.E.R. Spek, Eindhoven; J. Spelt, Huisem; H. Sperling, Harmelen; A.D. Spijkerman, Edam; J.M. Spithoven-Hoogendoorn, Zevenhuizen; J.H. Spronk, Oudenbosch; R. Spruijt-Reijkers, Molenschot; H.J. Staal, Goudriaan; A. Stalman, Nieuwe-Tonge; M.J. Stam, Scharendijke; J. Stapel, Nieuwerbrug; J.H. Steenbergen, Staphorst; F.C. Steenhuizen, Uitgeest; A.C. Steggerda, Oosterwolde; A.J. Stegeman-Goedbloed, Almelo; P. Stegwee, Zwolle; D.R. Stelling, Den Haag; J. Stengs, Utrecht; J.M. Stevens, Den Haag; E.H.M. Stinissen, Roermond; G.J.M. Stoffelen, Heeze; W.M. Stok, Den Helder; J. Stolte, Rijssen; C. Stoop-van Dijk, Sliedrecht; A.J. Straathof, Lisse; F.A.M. Strijbos, Kaatsheuvel; P.T. Stroeve, Enkhuizen; H. Stuurman, Hoorn; J.M. Terlouw, Tiel; M. Termaat, Nieuw-Vennep; J.W. Timmermans, Gemert; J.M. Teurlinckx, Breedenbroek; J.H. Thielen, Horst; H.
